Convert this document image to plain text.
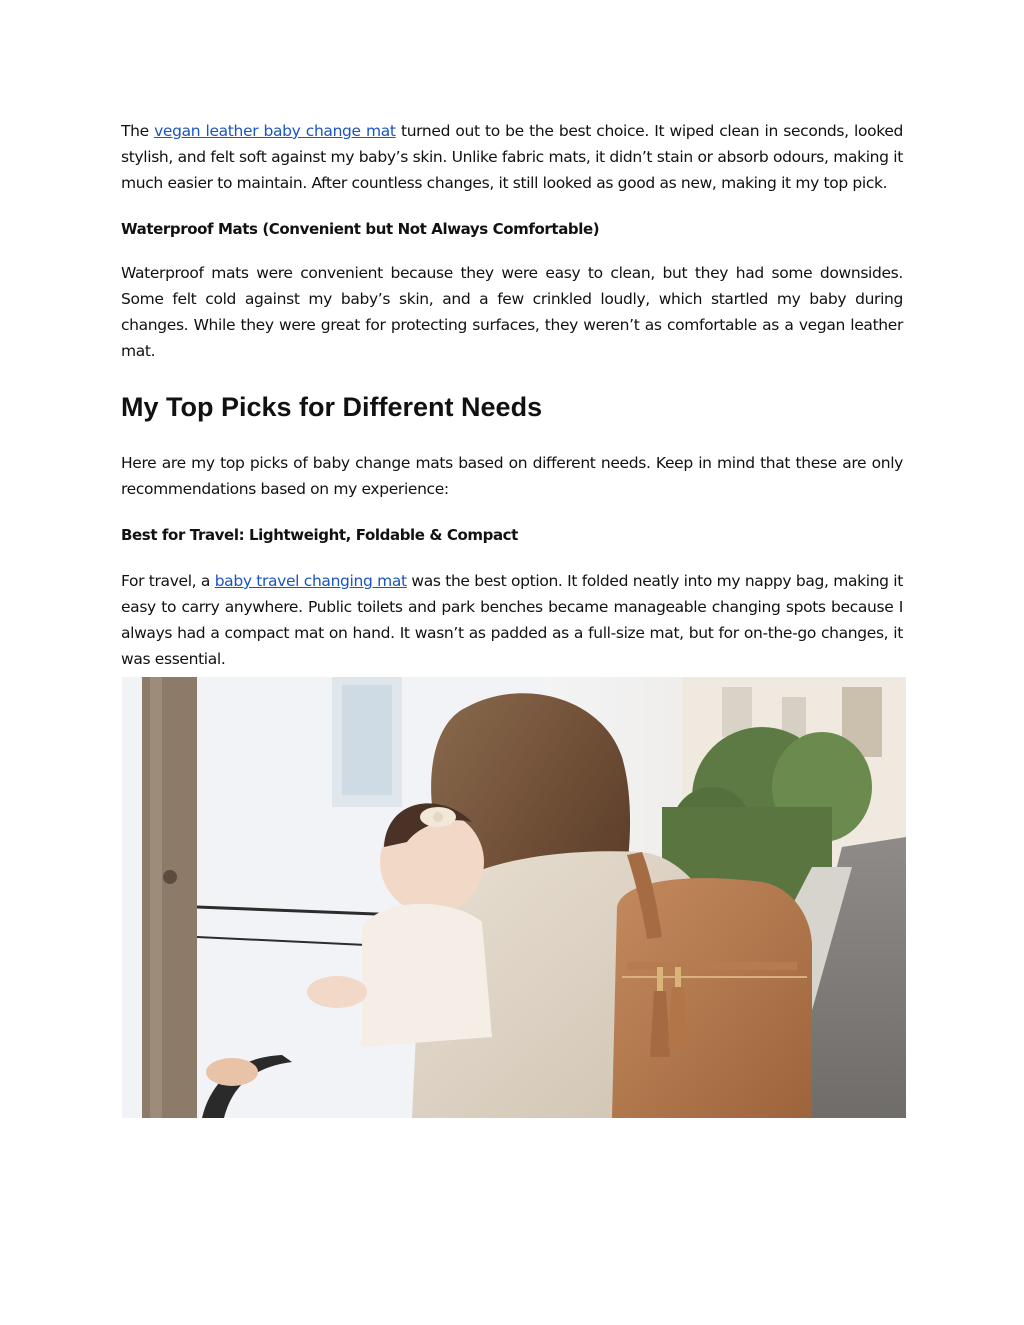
The vegan leather baby change mat turned out to be the best choice. It wiped clean in seconds, looked stylish, and felt soft against my baby’s skin. Unlike fabric mats, it didn’t stain or absorb odours, making it much easier to maintain. After countless changes, it still looked as good as new, making it my top pick.

Waterproof Mats (Convenient but Not Always Comfortable)

Waterproof mats were convenient because they were easy to clean, but they had some downsides. Some felt cold against my baby’s skin, and a few crinkled loudly, which startled my baby during changes. While they were great for protecting surfaces, they weren’t as comfortable as a vegan leather mat.

My Top Picks for Different Needs

Here are my top picks of baby change mats based on different needs. Keep in mind that these are only recommendations based on my experience:

Best for Travel: Lightweight, Foldable & Compact

For travel, a baby travel changing mat was the best option. It folded neatly into my nappy bag, making it easy to carry anywhere. Public toilets and park benches became manageable changing spots because I always had a compact mat on hand. It wasn’t as padded as a full-size mat, but for on-the-go changes, it was essential.
